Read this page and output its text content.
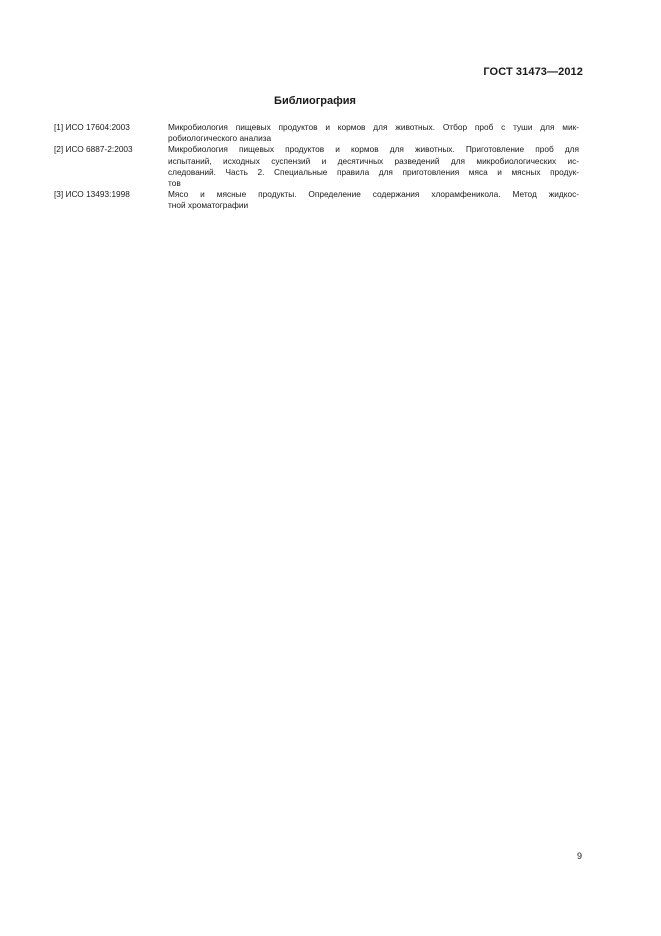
ГОСТ 31473—2012
Библиография
[1] ИСО 17604:2003	Микробиология пищевых продуктов и кормов для животных. Отбор проб с туши для мик-
робиологического анализа
[2] ИСО 6887-2:2003	Микробиология пищевых продуктов и кормов для животных. Приготовление проб для
испытаний, исходных суспензий и десятичных разведений для микробиологических ис-
следований. Часть 2. Специальные правила для приготовления мяса и мясных продук-
тов
[3] ИСО 13493:1998	Мясо и мясные продукты. Определение содержания хлорамфеникола. Метод жидкос-
тной хроматографии
9
